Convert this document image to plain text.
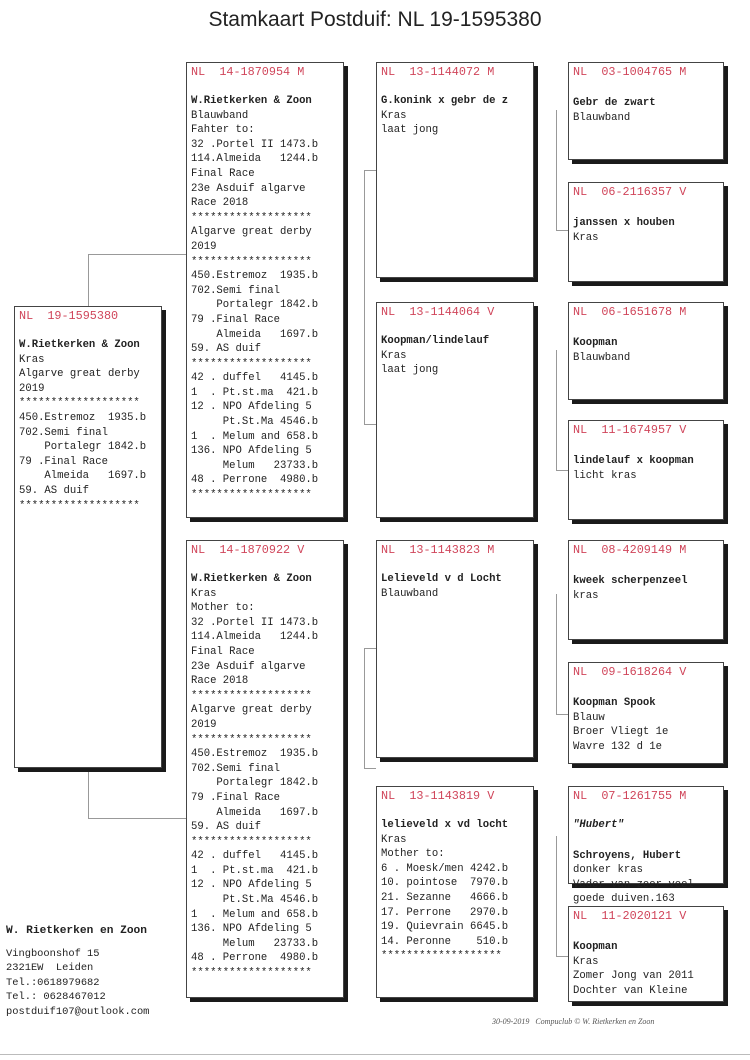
Stamkaart Postduif: NL 19-1595380
NL  19-1595380
W.Rietkerken & Zoon
Kras
Algarve great derby
2019
*******************
450.Estremoz  1935.b
702.Semi final
Portalegr 1842.b
79 .Final Race
Almeida   1697.b
59. AS duif
*******************
NL  14-1870954 M
W.Rietkerken & Zoon
Blauwband
Fahter to:
32 .Portel II 1473.b
114.Almeida   1244.b
Final Race
23e Asduif algarve
Race 2018
*******************
Algarve great derby
2019
*******************
450.Estremoz  1935.b
702.Semi final
Portalegr 1842.b
79 .Final Race
Almeida   1697.b
59. AS duif
*******************
42 . duffel   4145.b
1  . Pt.st.ma  421.b
12 . NPO Afdeling 5
Pt.St.Ma 4546.b
1  . Melum and 658.b
136. NPO Afdeling 5
Melum   23733.b
48 . Perrone  4980.b
*******************
NL  14-1870922 V
W.Rietkerken & Zoon
Kras
Mother to:
32 .Portel II 1473.b
114.Almeida   1244.b
Final Race
23e Asduif algarve
Race 2018
*******************
Algarve great derby
2019
*******************
450.Estremoz  1935.b
702.Semi final
Portalegr 1842.b
79 .Final Race
Almeida   1697.b
59. AS duif
*******************
42 . duffel   4145.b
1  . Pt.st.ma  421.b
12 . NPO Afdeling 5
Pt.St.Ma 4546.b
1  . Melum and 658.b
136. NPO Afdeling 5
Melum   23733.b
48 . Perrone  4980.b
*******************
NL  13-1144072 M
G.konink x gebr de z
Kras
laat jong
NL  13-1144064 V
Koopman/lindelauf
Kras
laat jong
NL  13-1143823 M
Lelieveld v d Locht
Blauwband
NL  13-1143819 V
lelieveld x vd locht
Kras
Mother to:
6 . Moesk/men 4242.b
10. pointose  7970.b
21. Sezanne   4666.b
17. Perrone   2970.b
19. Quievrain 6645.b
14. Peronne    510.b
*******************
NL  03-1004765 M
Gebr de zwart
Blauwband
NL  06-2116357 V
janssen x houben
Kras
NL  06-1651678 M
Koopman
Blauwband
NL  11-1674957 V
lindelauf x koopman
licht kras
NL  08-4209149 M
kweek scherpenzeel
kras
NL  09-1618264 V
Koopman Spook
Blauw
Broer Vliegt 1e
Wavre 132 d 1e
NL  07-1261755 M
"Hubert"
Schroyens, Hubert
donker kras
Vader van zeer veel
goede duiven.163
NL  11-2020121 V
Koopman
Kras
Zomer Jong van 2011
Dochter van Kleine
W. Rietkerken en Zoon
Vingboonshof 15
2321EW  Leiden
Tel.:0618979682
Tel.: 0628467012
postduif107@outlook.com
30-09-2019   Compuclub © W. Rietkerken en Zoon
